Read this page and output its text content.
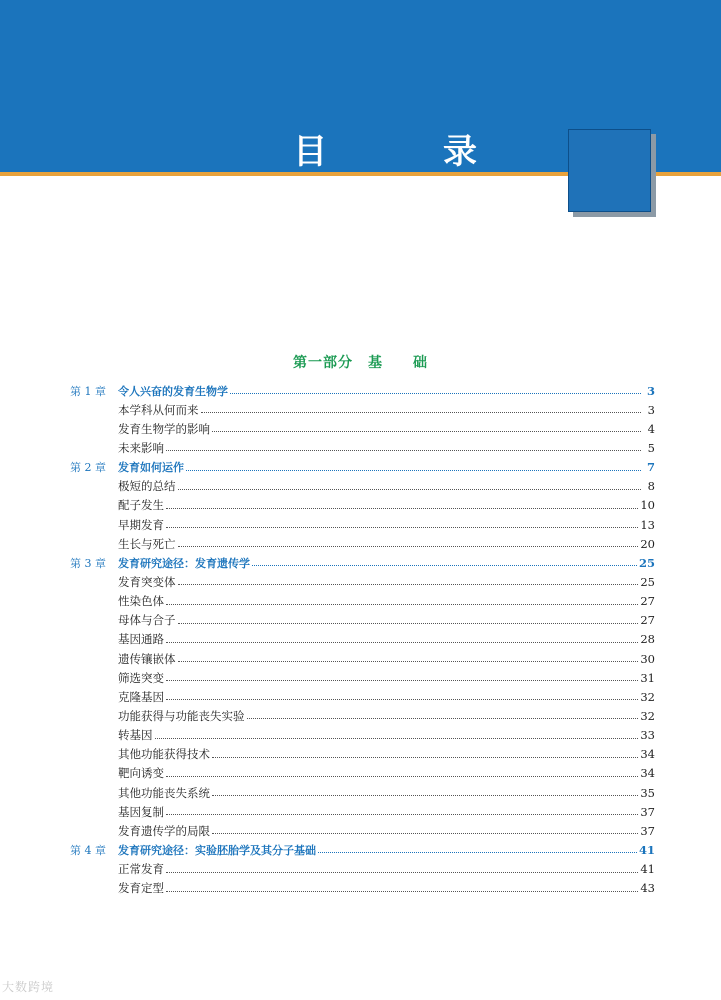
目 录
第一部分　基　　础
第 1 章	令人兴奋的发育生物学	3
本学科从何而来	3
发育生物学的影响	4
未来影响	5
第 2 章	发育如何运作	7
极短的总结	8
配子发生	10
早期发育	13
生长与死亡	20
第 3 章	发育研究途径：发育遗传学	25
发育突变体	25
性染色体	27
母体与合子	27
基因通路	28
遗传镶嵌体	30
筛选突变	31
克隆基因	32
功能获得与功能丧失实验	32
转基因	33
其他功能获得技术	34
靶向诱变	34
其他功能丧失系统	35
基因复制	37
发育遗传学的局限	37
第 4 章	发育研究途径：实验胚胎学及其分子基础	41
正常发育	41
发育定型	43
大数跨境
